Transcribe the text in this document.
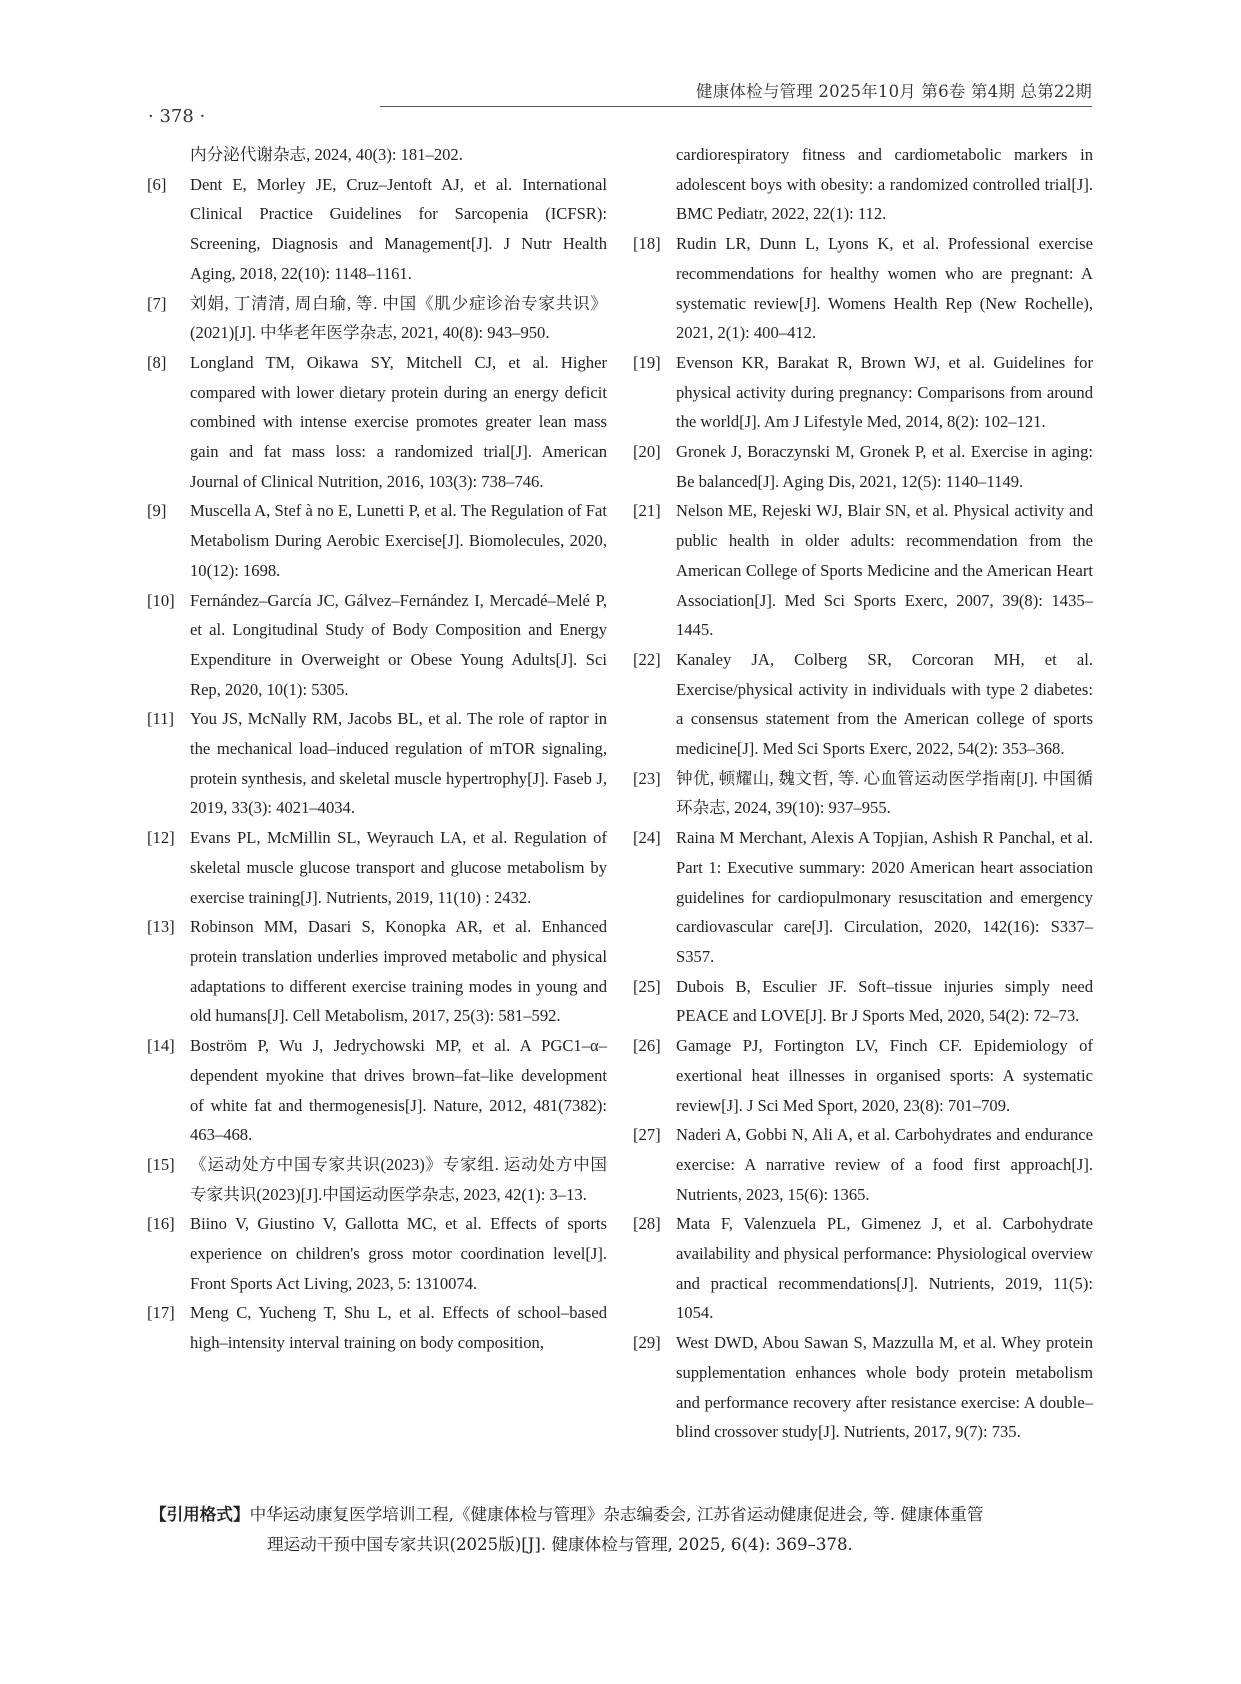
健康体检与管理 2025年10月 第6卷 第4期 总第22期
· 378 ·

内分泌代谢杂志, 2024, 40(3): 181–202.

[6] Dent E, Morley JE, Cruz–Jentoft AJ, et al. International Clinical Practice Guidelines for Sarcopenia (ICFSR): Screening, Diagnosis and Management[J]. J Nutr Health Aging, 2018, 22(10): 1148–1161.

[7] 刘娟, 丁清清, 周白瑜, 等. 中国《肌少症诊治专家共识》(2021)[J]. 中华老年医学杂志, 2021, 40(8): 943–950.

[8] Longland TM, Oikawa SY, Mitchell CJ, et al. Higher compared with lower dietary protein during an energy deficit combined with intense exercise promotes greater lean mass gain and fat mass loss: a randomized trial[J]. American Journal of Clinical Nutrition, 2016, 103(3): 738–746.

[9] Muscella A, Stef à no E, Lunetti P, et al. The Regulation of Fat Metabolism During Aerobic Exercise[J]. Biomolecules, 2020, 10(12): 1698.

[10] Fernández–García JC, Gálvez–Fernández I, Mercadé–Melé P, et al. Longitudinal Study of Body Composition and Energy Expenditure in Overweight or Obese Young Adults[J]. Sci Rep, 2020, 10(1): 5305.

[11] You JS, McNally RM, Jacobs BL, et al. The role of raptor in the mechanical load–induced regulation of mTOR signaling, protein synthesis, and skeletal muscle hypertrophy[J]. Faseb J, 2019, 33(3): 4021–4034.

[12] Evans PL, McMillin SL, Weyrauch LA, et al. Regulation of skeletal muscle glucose transport and glucose metabolism by exercise training[J]. Nutrients, 2019, 11(10) : 2432.

[13] Robinson MM, Dasari S, Konopka AR, et al. Enhanced protein translation underlies improved metabolic and physical adaptations to different exercise training modes in young and old humans[J]. Cell Metabolism, 2017, 25(3): 581–592.

[14] Boström P, Wu J, Jedrychowski MP, et al. A PGC1–α–dependent myokine that drives brown–fat–like development of white fat and thermogenesis[J]. Nature, 2012, 481(7382): 463–468.

[15] 《运动处方中国专家共识(2023)》专家组. 运动处方中国专家共识(2023)[J].中国运动医学杂志, 2023, 42(1): 3–13.

[16] Biino V, Giustino V, Gallotta MC, et al. Effects of sports experience on children's gross motor coordination level[J]. Front Sports Act Living, 2023, 5: 1310074.

[17] Meng C, Yucheng T, Shu L, et al. Effects of school–based high–intensity interval training on body composition,

cardiorespiratory fitness and cardiometabolic markers in adolescent boys with obesity: a randomized controlled trial[J]. BMC Pediatr, 2022, 22(1): 112.

[18] Rudin LR, Dunn L, Lyons K, et al. Professional exercise recommendations for healthy women who are pregnant: A systematic review[J]. Womens Health Rep (New Rochelle), 2021, 2(1): 400–412.

[19] Evenson KR, Barakat R, Brown WJ, et al. Guidelines for physical activity during pregnancy: Comparisons from around the world[J]. Am J Lifestyle Med, 2014, 8(2): 102–121.

[20] Gronek J, Boraczynski M, Gronek P, et al. Exercise in aging: Be balanced[J]. Aging Dis, 2021, 12(5): 1140–1149.

[21] Nelson ME, Rejeski WJ, Blair SN, et al. Physical activity and public health in older adults: recommendation from the American College of Sports Medicine and the American Heart Association[J]. Med Sci Sports Exerc, 2007, 39(8): 1435–1445.

[22] Kanaley JA, Colberg SR, Corcoran MH, et al. Exercise/physical activity in individuals with type 2 diabetes: a consensus statement from the American college of sports medicine[J]. Med Sci Sports Exerc, 2022, 54(2): 353–368.

[23] 钟优, 顿耀山, 魏文哲, 等. 心血管运动医学指南[J]. 中国循环杂志, 2024, 39(10): 937–955.

[24] Raina M Merchant, Alexis A Topjian, Ashish R Panchal, et al. Part 1: Executive summary: 2020 American heart association guidelines for cardiopulmonary resuscitation and emergency cardiovascular care[J]. Circulation, 2020, 142(16): S337–S357.

[25] Dubois B, Esculier JF. Soft–tissue injuries simply need PEACE and LOVE[J]. Br J Sports Med, 2020, 54(2): 72–73.

[26] Gamage PJ, Fortington LV, Finch CF. Epidemiology of exertional heat illnesses in organised sports: A systematic review[J]. J Sci Med Sport, 2020, 23(8): 701–709.

[27] Naderi A, Gobbi N, Ali A, et al. Carbohydrates and endurance exercise: A narrative review of a food first approach[J]. Nutrients, 2023, 15(6): 1365.

[28] Mata F, Valenzuela PL, Gimenez J, et al. Carbohydrate availability and physical performance: Physiological overview and practical recommendations[J]. Nutrients, 2019, 11(5): 1054.

[29] West DWD, Abou Sawan S, Mazzulla M, et al. Whey protein supplementation enhances whole body protein metabolism and performance recovery after resistance exercise: A double–blind crossover study[J]. Nutrients, 2017, 9(7): 735.

【引用格式】中华运动康复医学培训工程,《健康体检与管理》杂志编委会, 江苏省运动健康促进会, 等. 健康体重管
理运动干预中国专家共识(2025版)[J]. 健康体检与管理, 2025, 6(4): 369–378.
